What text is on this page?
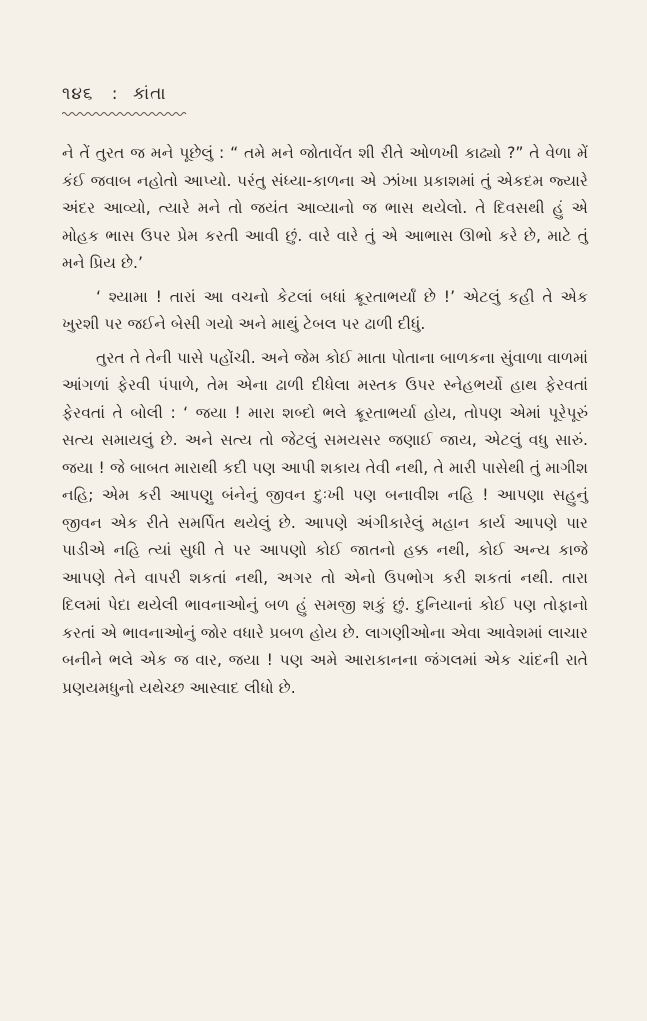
૧૪૬ : કાંતા

ને તેં તુરત જ મને પૂછેલું : “ તમે મને જોતાવેંત શી રીતે ઓળખી કાઢ્યો ?” તે વેળા મેં કંઈ જવાબ નહોતો આપ્યો. પરંતુ સંધ્યા-કાળના એ ઝાંખા પ્રકાશમાં તું એકદમ જ્યારે અંદર આવ્યો, ત્યારે મને તો જયંત આવ્યાનો જ ભાસ થયેલો. તે દિવસથી હું એ મોહક ભાસ ઉપર પ્રેમ કરતી આવી છું. વારે વારે તું એ આભાસ ઊભો કરે છે, માટે તું મને પ્રિય છે.’

‘ શ્યામા ! તારાં આ વચનો કેટલાં બધાં ક્રૂરતાભર્યાં છે !’ એટલું કહી તે એક ખુરશી પર જઈને બેસી ગયો અને માથું ટેબલ પર ઢાળી દીધું.

તુરત તે તેની પાસે પહોંચી. અને જેમ કોઈ માતા પોતાના બાળકના સુંવાળા વાળમાં આંગળાં ફેરવી પંપાળે, તેમ એના ઢાળી દીધેલા મસ્તક ઉપર સ્નેહભર્યો હાથ ફેરવતાં ફેરવતાં તે બોલી : ‘ જયા ! મારા શબ્દો ભલે ક્રૂરતાભર્યા હોય, તોપણ એમાં પૂરેપૂરું સત્ય સમાયલું છે. અને સત્ય તો જેટલું સમયસર જણાઈ જાય, એટલું વધુ સારું. જયા ! જે બાબત મારાથી કદી પણ આપી શકાય તેવી નથી, તે મારી પાસેથી તું માગીશ નહિ; એમ કરી આપણુ બંનેનું જીવન દુઃખી પણ બનાવીશ નહિ ! આપણા સહુનું જીવન એક રીતે સમર્પિત થયેલું છે. આપણે અંગીકારેલું મહાન કાર્ય આપણે પાર પાડીએ નહિ ત્યાં સુધી તે પર આપણો કોઈ જાતનો હક્ક નથી, કોઈ અન્ય કાજે આપણે તેને વાપરી શકતાં નથી, અગર તો એનો ઉપભોગ કરી શકતાં નથી. તારા દિલમાં પેદા થયેલી ભાવનાઓનું બળ હું સમજી શકું છું. દુનિયાનાં કોઈ પણ તોફાનો કરતાં એ ભાવનાઓનું જોર વધારે પ્રબળ હોય છે. લાગણીઓના એવા આવેશમાં લાચાર બનીને ભલે એક જ વાર, જયા ! પણ અમે આરાકાનના જંગલમાં એક ચાંદની રાતે પ્રણયમધુનો યથેચ્છ આસ્વાદ લીધો છે.
